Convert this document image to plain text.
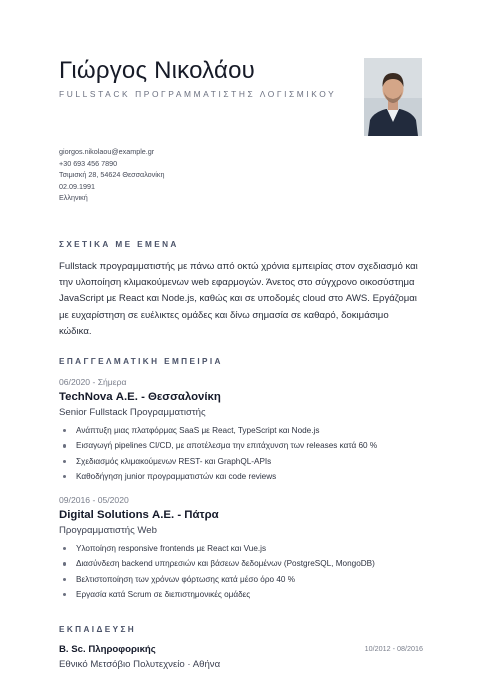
Γιώργος Νικολάου
FULLSTACK ΠΡΟΓΡΑΜΜΑΤΙΣΤΗΣ ΛΟΓΙΣΜΙΚΟΥ
giorgos.nikolaou@example.gr
+30 693 456 7890
Τσιμισκή 28, 54624 Θεσσαλονίκη
02.09.1991
Ελληνική
ΣΧΕΤΙΚΑ ΜΕ ΕΜΕΝΑ

Fullstack προγραμματιστής με πάνω από οκτώ χρόνια εμπειρίας στον σχεδιασμό και την υλοποίηση κλιμακούμενων web εφαρμογών. Άνετος στο σύγχρονο οικοσύστημα JavaScript με React και Node.js, καθώς και σε υποδομές cloud στο AWS. Εργάζομαι με ευχαρίστηση σε ευέλικτες ομάδες και δίνω σημασία σε καθαρό, δοκιμάσιμο κώδικα.

ΕΠΑΓΓΕΛΜΑΤΙΚΗ ΕΜΠΕΙΡΙΑ
06/2020 - Σήμερα
TechNova Α.Ε. - Θεσσαλονίκη
Senior Fullstack Προγραμματιστής
Ανάπτυξη μιας πλατφόρμας SaaS με React, TypeScript και Node.js
Εισαγωγή pipelines CI/CD, με αποτέλεσμα την επιτάχυνση των releases κατά 60 %
Σχεδιασμός κλιμακούμενων REST- και GraphQL-APIs
Καθοδήγηση junior προγραμματιστών και code reviews
09/2016 - 05/2020
Digital Solutions Α.Ε. - Πάτρα
Προγραμματιστής Web
Υλοποίηση responsive frontends με React και Vue.js
Διασύνδεση backend υπηρεσιών και βάσεων δεδομένων (PostgreSQL, MongoDB)
Βελτιστοποίηση των χρόνων φόρτωσης κατά μέσο όρο 40 %
Εργασία κατά Scrum σε διεπιστημονικές ομάδες
ΕΚΠΑΙΔΕΥΣΗ
B. Sc. Πληροφορικής
Εθνικό Μετσόβιο Πολυτεχνείο · Αθήνα
10/2012 - 08/2016
